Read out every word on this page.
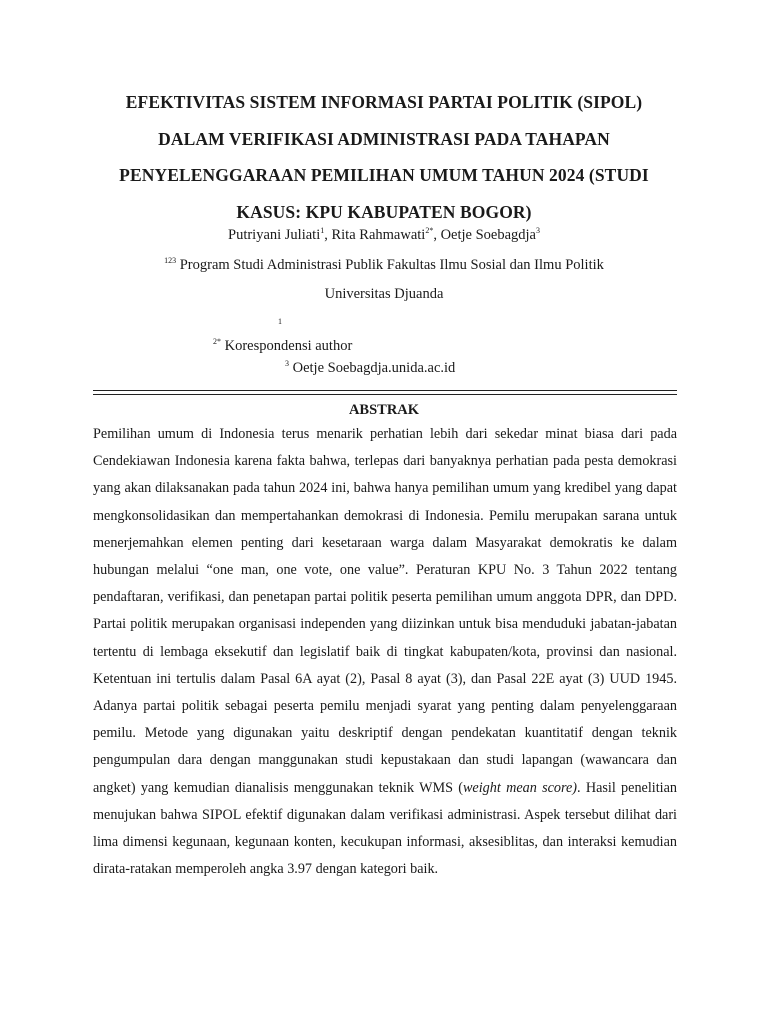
EFEKTIVITAS SISTEM INFORMASI PARTAI POLITIK (SIPOL)
DALAM VERIFIKASI ADMINISTRASI PADA TAHAPAN
PENYELENGGARAAN PEMILIHAN UMUM TAHUN 2024 (STUDI
KASUS: KPU KABUPATEN BOGOR)
Putriyani Juliati$^1$, Rita Rahmawati$^{2*}$, Oetje Soebagdja$^3$
$^{123}$ Program Studi Administrasi Publik Fakultas Ilmu Sosial dan Ilmu Politik
Universitas Djuanda
1
$^{2*}$ Korespondensi author
$^3$ Oetje Soebagdja.unida.ac.id
ABSTRAK

Pemilihan umum di Indonesia terus menarik perhatian lebih dari sekedar minat biasa dari pada Cendekiawan Indonesia karena fakta bahwa, terlepas dari banyaknya perhatian pada pesta demokrasi yang akan dilaksanakan pada tahun 2024 ini, bahwa hanya pemilihan umum yang kredibel yang dapat mengkonsolidasikan dan mempertahankan demokrasi di Indonesia. Pemilu merupakan sarana untuk menerjemahkan elemen penting dari kesetaraan warga dalam Masyarakat demokratis ke dalam hubungan melalui “one man, one vote, one value”. Peraturan KPU No. 3 Tahun 2022 tentang pendaftaran, verifikasi, dan penetapan partai politik peserta pemilihan umum anggota DPR, dan DPD. Partai politik merupakan organisasi independen yang diizinkan untuk bisa menduduki jabatan-jabatan tertentu di lembaga eksekutif dan legislatif baik di tingkat kabupaten/kota, provinsi dan nasional. Ketentuan ini tertulis dalam Pasal 6A ayat (2), Pasal 8 ayat (3), dan Pasal 22E ayat (3) UUD 1945. Adanya partai politik sebagai peserta pemilu menjadi syarat yang penting dalam penyelenggaraan pemilu. Metode yang digunakan yaitu deskriptif dengan pendekatan kuantitatif dengan teknik pengumpulan dara dengan manggunakan studi kepustakaan dan studi lapangan (wawancara dan angket) yang kemudian dianalisis menggunakan teknik WMS (weight mean score). Hasil penelitian menujukan bahwa SIPOL efektif digunakan dalam verifikasi administrasi. Aspek tersebut dilihat dari lima dimensi kegunaan, kegunaan konten, kecukupan informasi, aksesiblitas, dan interaksi kemudian dirata-ratakan memperoleh angka 3.97 dengan kategori baik.
